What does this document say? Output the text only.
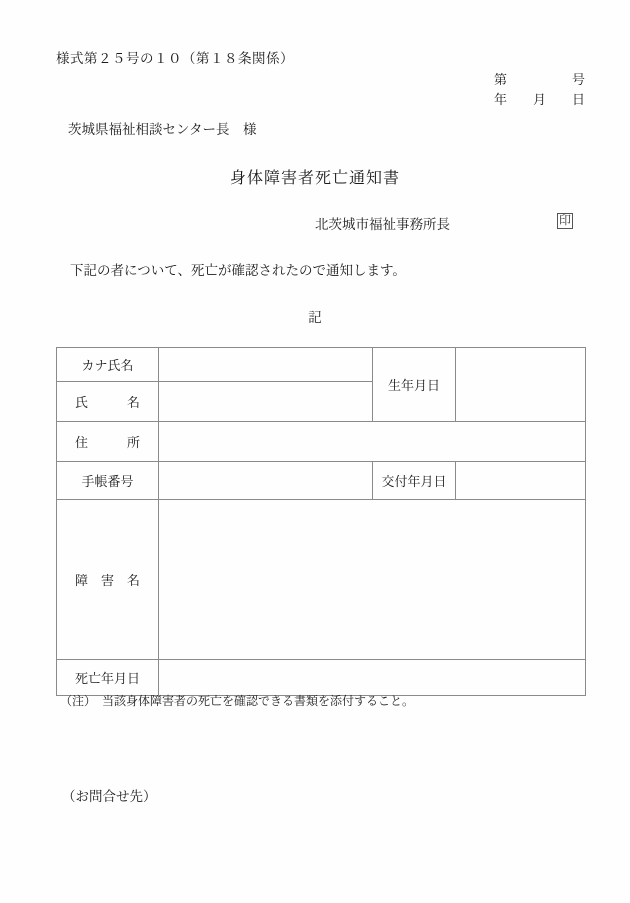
様式第２５号の１０（第１８条関係）
第　　　　　号
年　　月　　日
茨城県福祉相談センター長　様
身体障害者死亡通知書
北茨城市福祉事務所長	印
下記の者について、死亡が確認されたので通知します。
記
カナ氏名		生年月日	
氏　　　名			
住　　　所			
手帳番号		交付年月日	
障　害　名			
死亡年月日			
（注）　当該身体障害者の死亡を確認できる書類を添付すること。
（お問合せ先）
